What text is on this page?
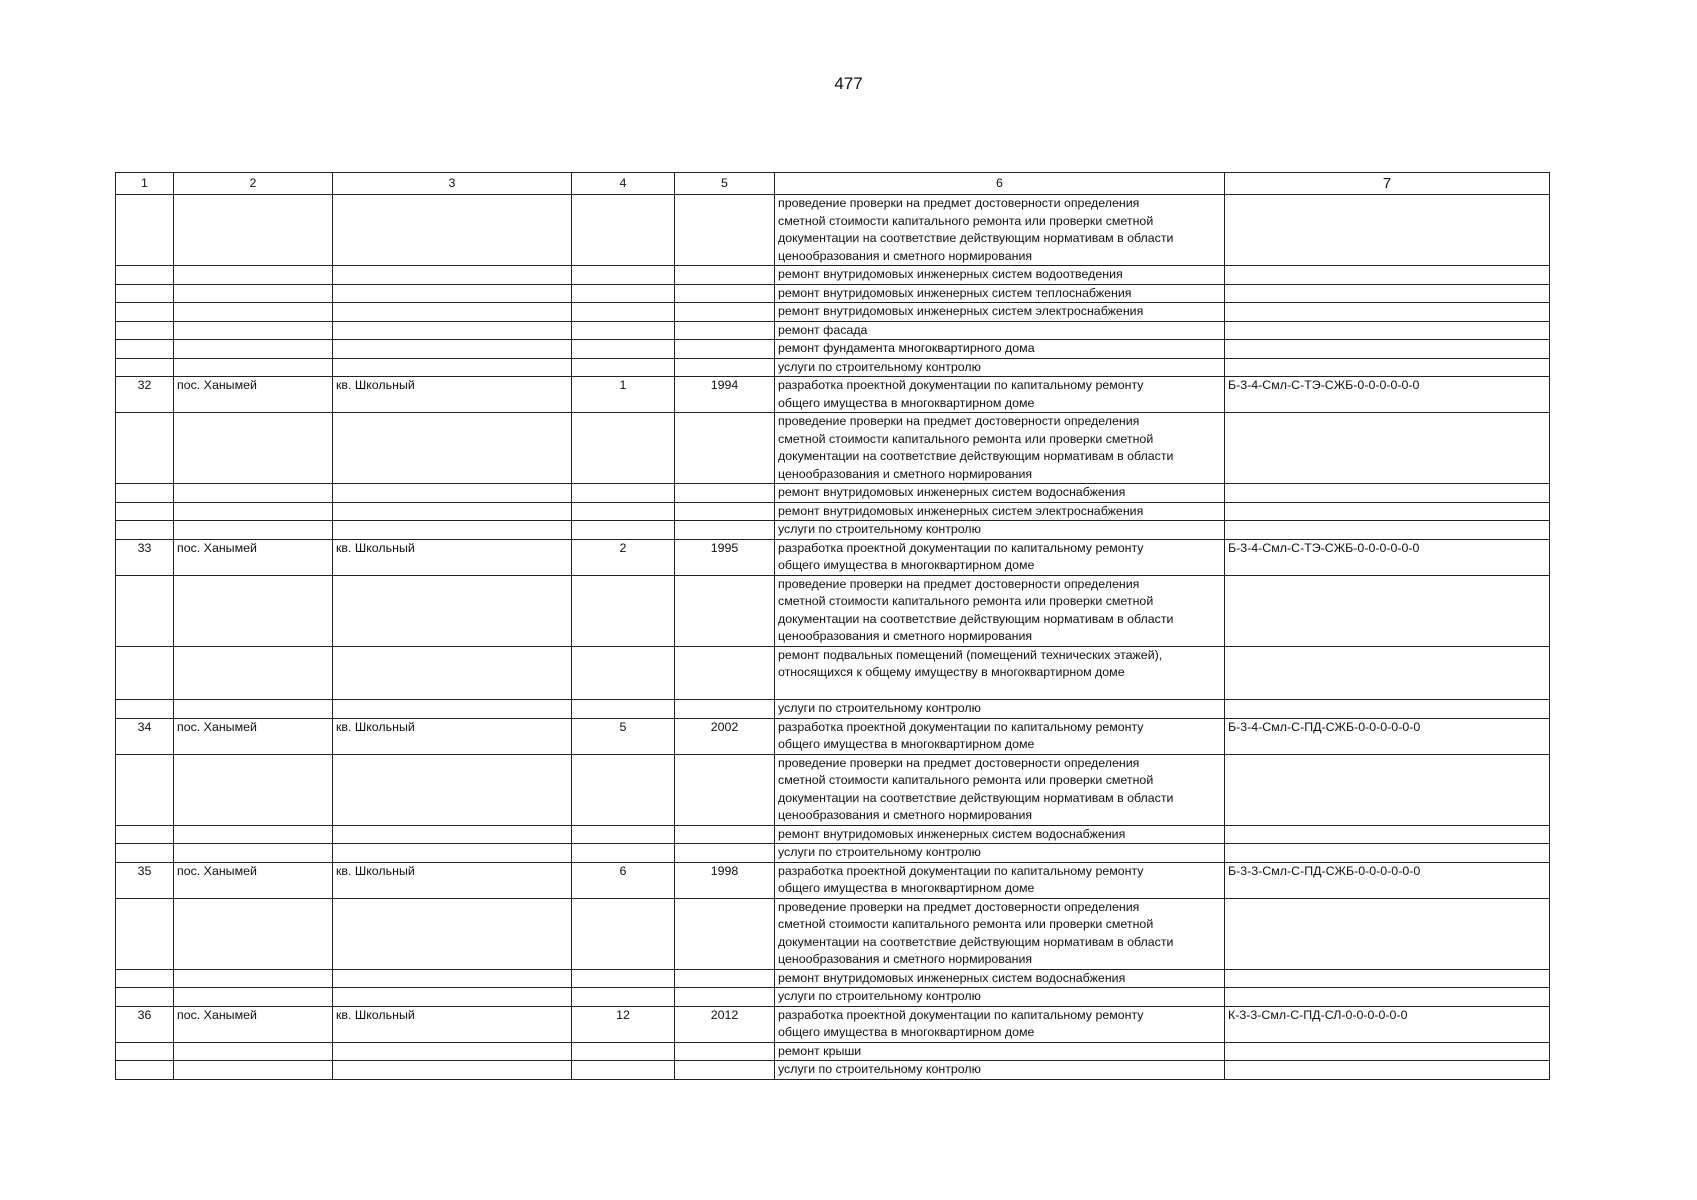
477
1	2	3	4	5	6	7

					проведение проверки на предмет достоверности определения
сметной стоимости капитального ремонта или проверки сметной
документации на соответствие действующим нормативам в области
ценообразования и сметного нормирования	

					ремонт внутридомовых инженерных систем водоотведения	

					ремонт внутридомовых инженерных систем теплоснабжения	

					ремонт внутридомовых инженерных систем электроснабжения	

					ремонт фасада	

					ремонт фундамента многоквартирного дома	

					услуги по строительному контролю	

32	пос. Ханымей	кв. Школьный	1	1994	разработка проектной документации по капитальному ремонту
общего имущества в многоквартирном доме	Б-3-4-Смл-С-ТЭ-СЖБ-0-0-0-0-0-0

					проведение проверки на предмет достоверности определения
сметной стоимости капитального ремонта или проверки сметной
документации на соответствие действующим нормативам в области
ценообразования и сметного нормирования	

					ремонт внутридомовых инженерных систем водоснабжения	

					ремонт внутридомовых инженерных систем электроснабжения	

					услуги по строительному контролю	

33	пос. Ханымей	кв. Школьный	2	1995	разработка проектной документации по капитальному ремонту
общего имущества в многоквартирном доме	Б-3-4-Смл-С-ТЭ-СЖБ-0-0-0-0-0-0

					проведение проверки на предмет достоверности определения
сметной стоимости капитального ремонта или проверки сметной
документации на соответствие действующим нормативам в области
ценообразования и сметного нормирования	

					ремонт подвальных помещений (помещений технических этажей),
относящихся к общему имуществу в многоквартирном доме	

					услуги по строительному контролю	

34	пос. Ханымей	кв. Школьный	5	2002	разработка проектной документации по капитальному ремонту
общего имущества в многоквартирном доме	Б-3-4-Смл-С-ПД-СЖБ-0-0-0-0-0-0

					проведение проверки на предмет достоверности определения
сметной стоимости капитального ремонта или проверки сметной
документации на соответствие действующим нормативам в области
ценообразования и сметного нормирования	

					ремонт внутридомовых инженерных систем водоснабжения	

					услуги по строительному контролю	

35	пос. Ханымей	кв. Школьный	6	1998	разработка проектной документации по капитальному ремонту
общего имущества в многоквартирном доме	Б-3-3-Смл-С-ПД-СЖБ-0-0-0-0-0-0

					проведение проверки на предмет достоверности определения
сметной стоимости капитального ремонта или проверки сметной
документации на соответствие действующим нормативам в области
ценообразования и сметного нормирования	

					ремонт внутридомовых инженерных систем водоснабжения	

					услуги по строительному контролю	

36	пос. Ханымей	кв. Школьный	12	2012	разработка проектной документации по капитальному ремонту
общего имущества в многоквартирном доме	К-3-3-Смл-С-ПД-СЛ-0-0-0-0-0-0

					ремонт крыши	

					услуги по строительному контролю	
